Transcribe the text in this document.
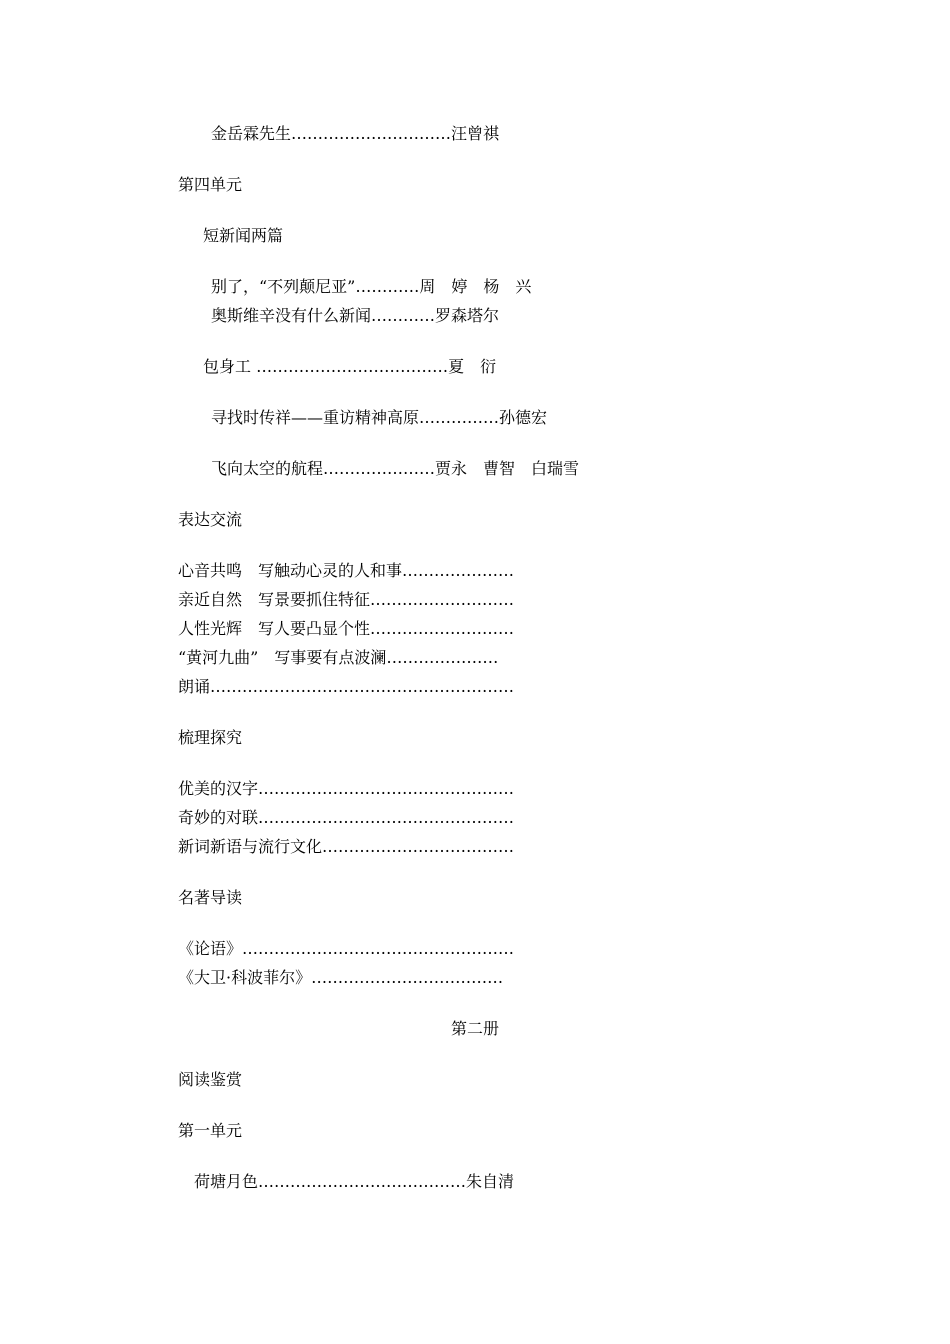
金岳霖先生…………………………汪曾祺
第四单元
短新闻两篇
别了，“不列颠尼亚”…………周　婷　杨　兴
奥斯维辛没有什么新闻…………罗森塔尔
包身工 ………………………………夏　衍
寻找时传祥——重访精神高原……………孙德宏
飞向太空的航程…………………贾永　曹智　白瑞雪
表达交流
心音共鸣　写触动心灵的人和事…………………
亲近自然　写景要抓住特征………………………
人性光辉　写人要凸显个性………………………
“黄河九曲”　写事要有点波澜…………………
朗诵…………………………………………………
梳理探究
优美的汉字…………………………………………
奇妙的对联…………………………………………
新词新语与流行文化………………………………
名著导读
《论语》……………………………………………
《大卫·科波菲尔》………………………………
第二册
阅读鉴赏
第一单元
荷塘月色…………………………………朱自清
